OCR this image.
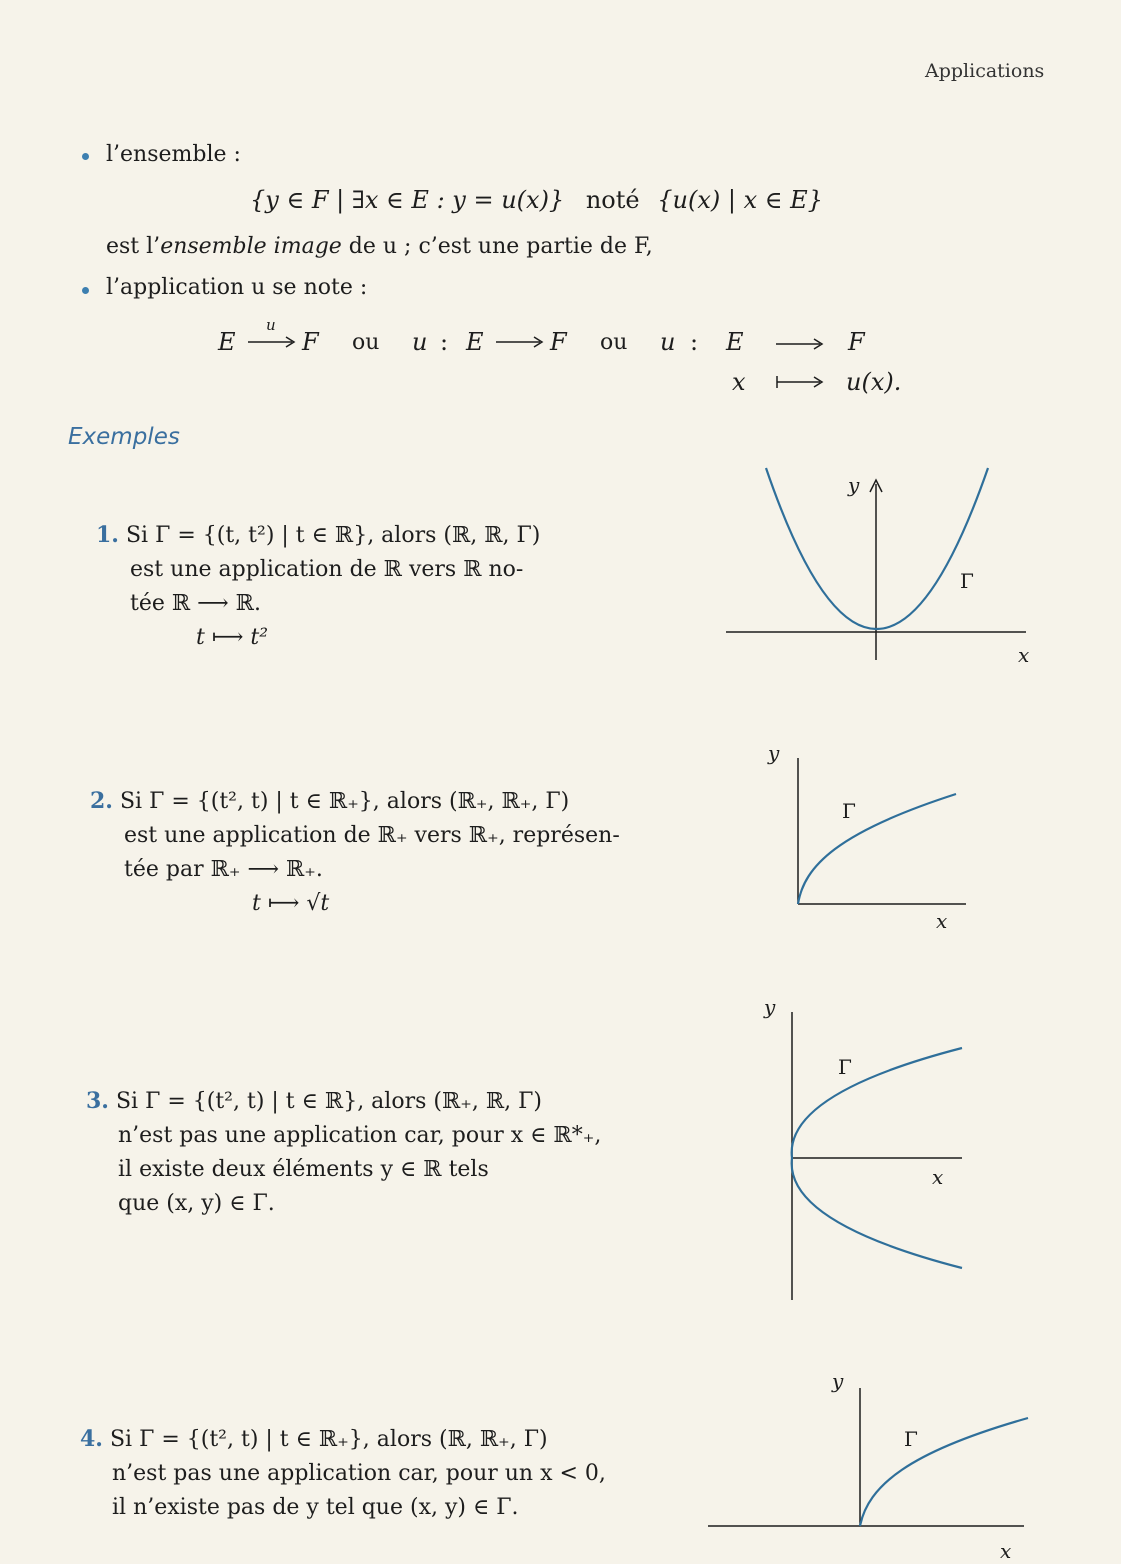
Applications
l’ensemble :
{y ∈ F | ∃x ∈ E : y = u(x)} noté {u(x) | x ∈ E}
est l’ensemble image de u ; c’est une partie de F,
l’application u se note :
E
u
F ou u : E	F ou u : E	F
x	u(x).
Exemples
1. Si Γ = {(t, t²) | t ∈ ℝ}, alors (ℝ, ℝ, Γ)
est une application de ℝ vers ℝ no-
tée ℝ ⟶ ℝ.
t ⟼ t²
2. Si Γ = {(t², t) | t ∈ ℝ₊}, alors (ℝ₊, ℝ₊, Γ)
est une application de ℝ₊ vers ℝ₊, représen-
tée par ℝ₊ ⟶ ℝ₊.
t ⟼ √t
3. Si Γ = {(t², t) | t ∈ ℝ}, alors (ℝ₊, ℝ, Γ)
n’est pas une application car, pour x ∈ ℝ*₊,
il existe deux éléments y ∈ ℝ tels
que (x, y) ∈ Γ.
4. Si Γ = {(t², t) | t ∈ ℝ₊}, alors (ℝ, ℝ₊, Γ)
n’est pas une application car, pour un x < 0,
il n’existe pas de y tel que (x, y) ∈ Γ.
y
x
Γ
y
x
Γ
y
x
Γ
y
x
Γ
